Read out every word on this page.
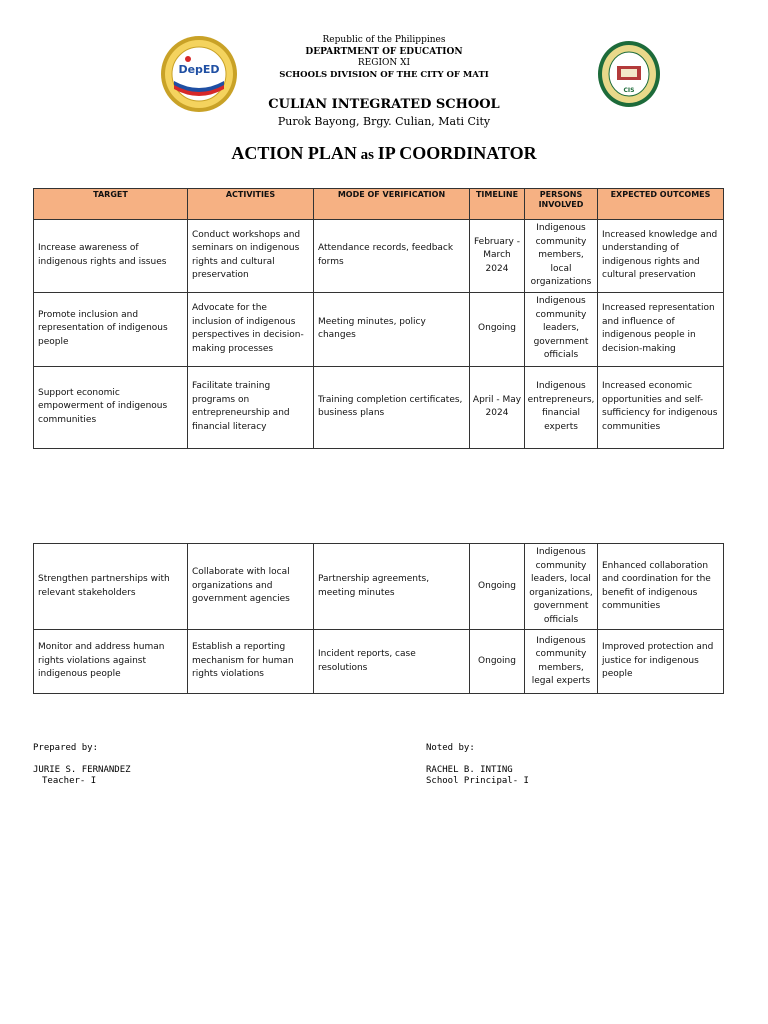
DepED
CIS
Republic of the Philippines
DEPARTMENT OF EDUCATION
REGION XI
SCHOOLS DIVISION OF THE CITY OF MATI
CULIAN INTEGRATED SCHOOL
Purok Bayong, Brgy. Culian, Mati City
ACTION PLAN as IP COORDINATOR
TARGET	ACTIVITIES	MODE OF VERIFICATION	TIMELINE	PERSONS INVOLVED	EXPECTED OUTCOMES
Increase awareness of indigenous rights and issues	Conduct workshops and seminars on indigenous rights and cultural preservation	Attendance records, feedback forms	February - March 2024	Indigenous community members, local organizations	Increased knowledge and understanding of indigenous rights and cultural preservation
Promote inclusion and representation of indigenous people	Advocate for the inclusion of indigenous perspectives in decision-making processes	Meeting minutes, policy changes	Ongoing	Indigenous community leaders, government officials	Increased representation and influence of indigenous people in decision-making
Support economic empowerment of indigenous communities	Facilitate training programs on entrepreneurship and financial literacy	Training completion certificates, business plans	April - May 2024	Indigenous entrepreneurs, financial experts	Increased economic opportunities and self-sufficiency for indigenous communities
Strengthen partnerships with relevant stakeholders	Collaborate with local organizations and government agencies	Partnership agreements, meeting minutes	Ongoing	Indigenous community leaders, local organizations, government officials	Enhanced collaboration and coordination for the benefit of indigenous communities
Monitor and address human rights violations against indigenous people	Establish a reporting mechanism for human rights violations	Incident reports, case resolutions	Ongoing	Indigenous community members, legal experts	Improved protection and justice for indigenous people
Prepared by:
JURIE S. FERNANDEZ
Teacher- I
Noted by:
RACHEL B. INTING
School Principal- I
